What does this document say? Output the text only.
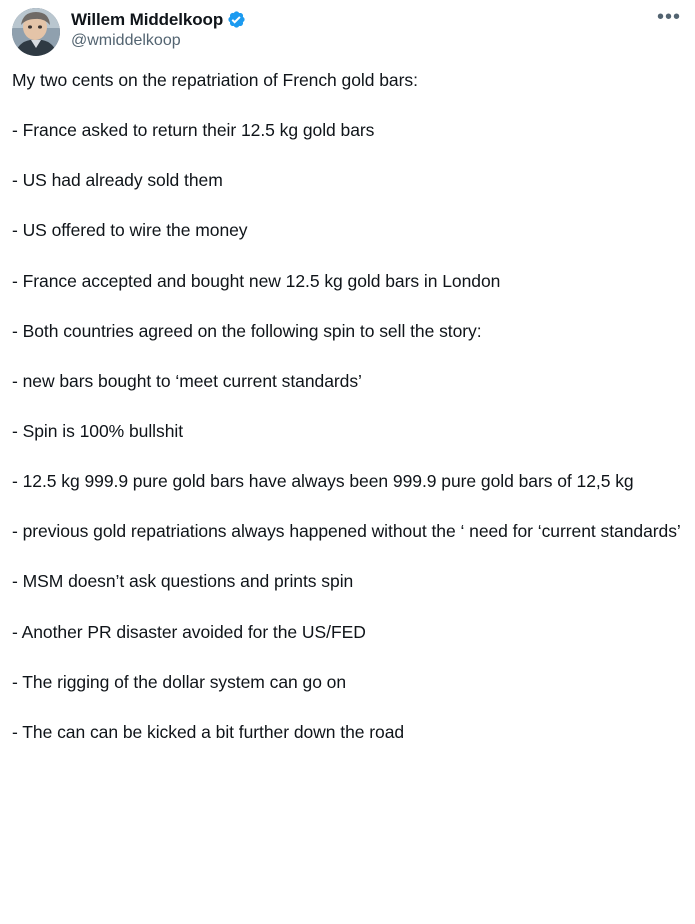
Willem Middelkoop
@wmiddelkoop
•••

My two cents on the repatriation of French gold bars:

- France asked to return their 12.5 kg gold bars

- US had already sold them

- US offered to wire the money

- France accepted and bought new 12.5 kg gold bars in London

- Both countries agreed on the following spin to sell the story:

- new bars bought to ‘meet current standards’

- Spin is 100% bullshit

- 12.5 kg 999.9 pure gold bars have always been 999.9 pure gold bars of 12,5 kg

- previous gold repatriations always happened without the ‘ need for ‘current standards’

- MSM doesn’t ask questions and prints spin

- Another PR disaster avoided for the US/FED

- The rigging of the dollar system can go on

- The can can be kicked a bit further down the road
